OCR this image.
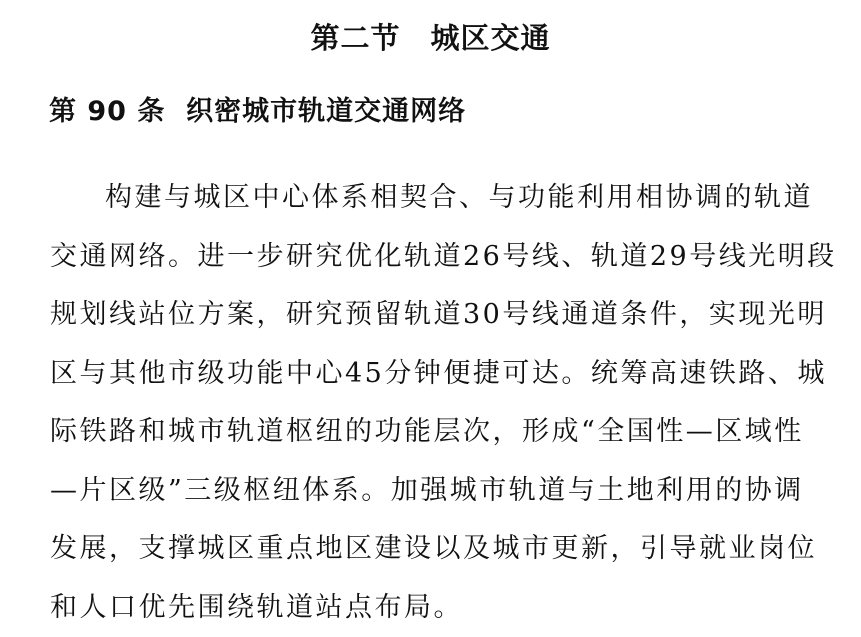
第二节　城区交通
第 90 条  织密城市轨道交通网络
构建与城区中心体系相契合、与功能利用相协调的轨道
交通网络。进一步研究优化轨道26号线、轨道29号线光明段
规划线站位方案，研究预留轨道30号线通道条件，实现光明
区与其他市级功能中心45分钟便捷可达。统筹高速铁路、城
际铁路和城市轨道枢纽的功能层次，形成“全国性—区域性
—片区级”三级枢纽体系。加强城市轨道与土地利用的协调
发展，支撑城区重点地区建设以及城市更新，引导就业岗位
和人口优先围绕轨道站点布局。
